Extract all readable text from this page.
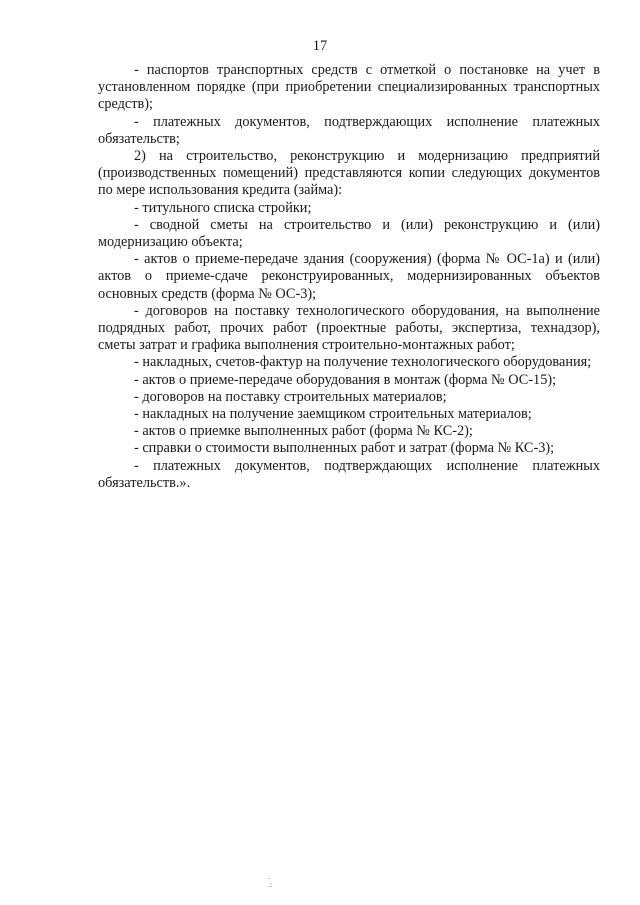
17

- паспортов транспортных средств с отметкой о постановке на учет в установленном порядке (при приобретении специализированных транспортных средств);

- платежных документов, подтверждающих исполнение платежных обязательств;

2) на строительство, реконструкцию и модернизацию предприятий (производственных помещений) представляются копии следующих документов по мере использования кредита (займа):

- титульного списка стройки;

- сводной сметы на строительство и (или) реконструкцию и (или) модернизацию объекта;

- актов о приеме-передаче здания (сооружения) (форма № ОС-1а) и (или) актов о приеме-сдаче реконструированных, модернизированных объектов основных средств (форма № ОС-3);

- договоров на поставку технологического оборудования, на выполнение подрядных работ, прочих работ (проектные работы, экспертиза, технадзор), сметы затрат и графика выполнения строительно-монтажных работ;

- накладных, счетов-фактур на получение технологического оборудования;

- актов о приеме-передаче оборудования в монтаж (форма № ОС-15);

- договоров на поставку строительных материалов;

- накладных на получение заемщиком строительных материалов;

- актов о приемке выполненных работ (форма № КС-2);

- справки о стоимости выполненных работ и затрат (форма № КС-3);

- платежных документов, подтверждающих исполнение платежных обязательств.».

.
.:
